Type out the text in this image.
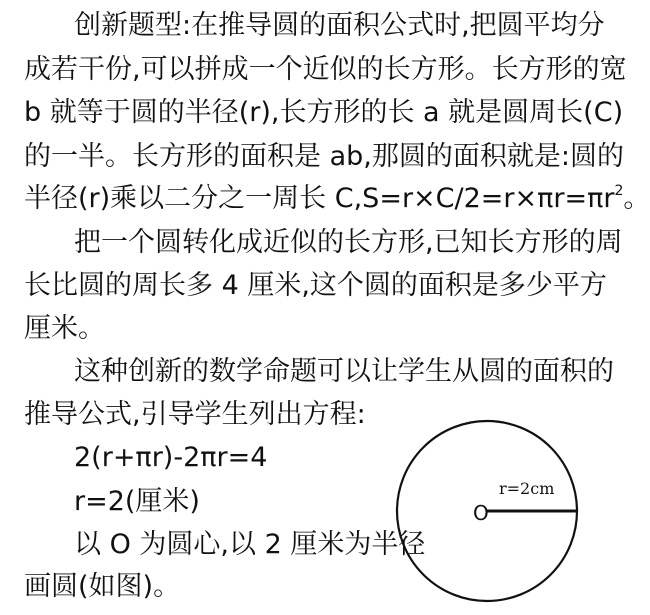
创新题型:在推导圆的面积公式时,把圆平均分
成若干份,可以拼成一个近似的长方形。长方形的宽
b 就等于圆的半径(r),长方形的长 a 就是圆周长(C)
的一半。长方形的面积是 ab,那圆的面积就是:圆的
半径(r)乘以二分之一周长 $C,S=r\times C/2=r\times\pi r=\pi r^2$。
把一个圆转化成近似的长方形,已知长方形的周
长比圆的周长多 4 厘米,这个圆的面积是多少平方
厘米。
这种创新的数学命题可以让学生从圆的面积的
推导公式,引导学生列出方程:
2(r+πr)-2πr=4
r=2(厘米)
以 O 为圆心,以 2 厘米为半径
画圆(如图)。
O
r=2cm
